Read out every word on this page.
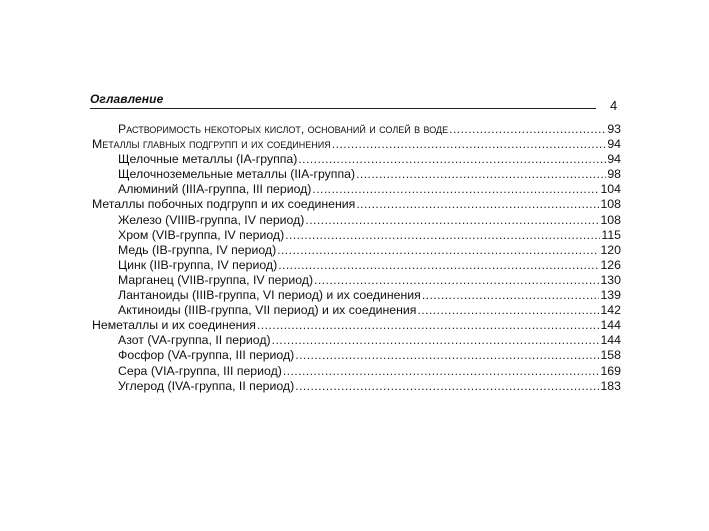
Оглавление	4
Растворимость некоторых кислот, оснований и солей в воде .....	93
Металлы главных подгрупп и их соединения .....	94
Щелочные металлы (IA-группа) .....	94
Щелочноземельные металлы (IIA-группа) .....	98
Алюминий (IIIA-группа, III период) .....	104
Металлы побочных подгрупп и их соединения .....	108
Железо (VIIIB-группа, IV период) .....	108
Хром (VIB-группа, IV период) .....	115
Медь (IB-группа, IV период) .....	120
Цинк (IIB-группа, IV период) .....	126
Марганец (VIIB-группа, IV период) .....	130
Лантаноиды (IIIB-группа, VI период) и их соединения .....	139
Актиноиды (IIIB-группа, VII период) и их соединения .....	142
Неметаллы и их соединения .....	144
Азот (VA-группа, II период) .....	144
Фосфор (VA-группа, III период) .....	158
Сера (VIA-группа, III период) .....	169
Углерод (IVA-группа, II период) .....	183
